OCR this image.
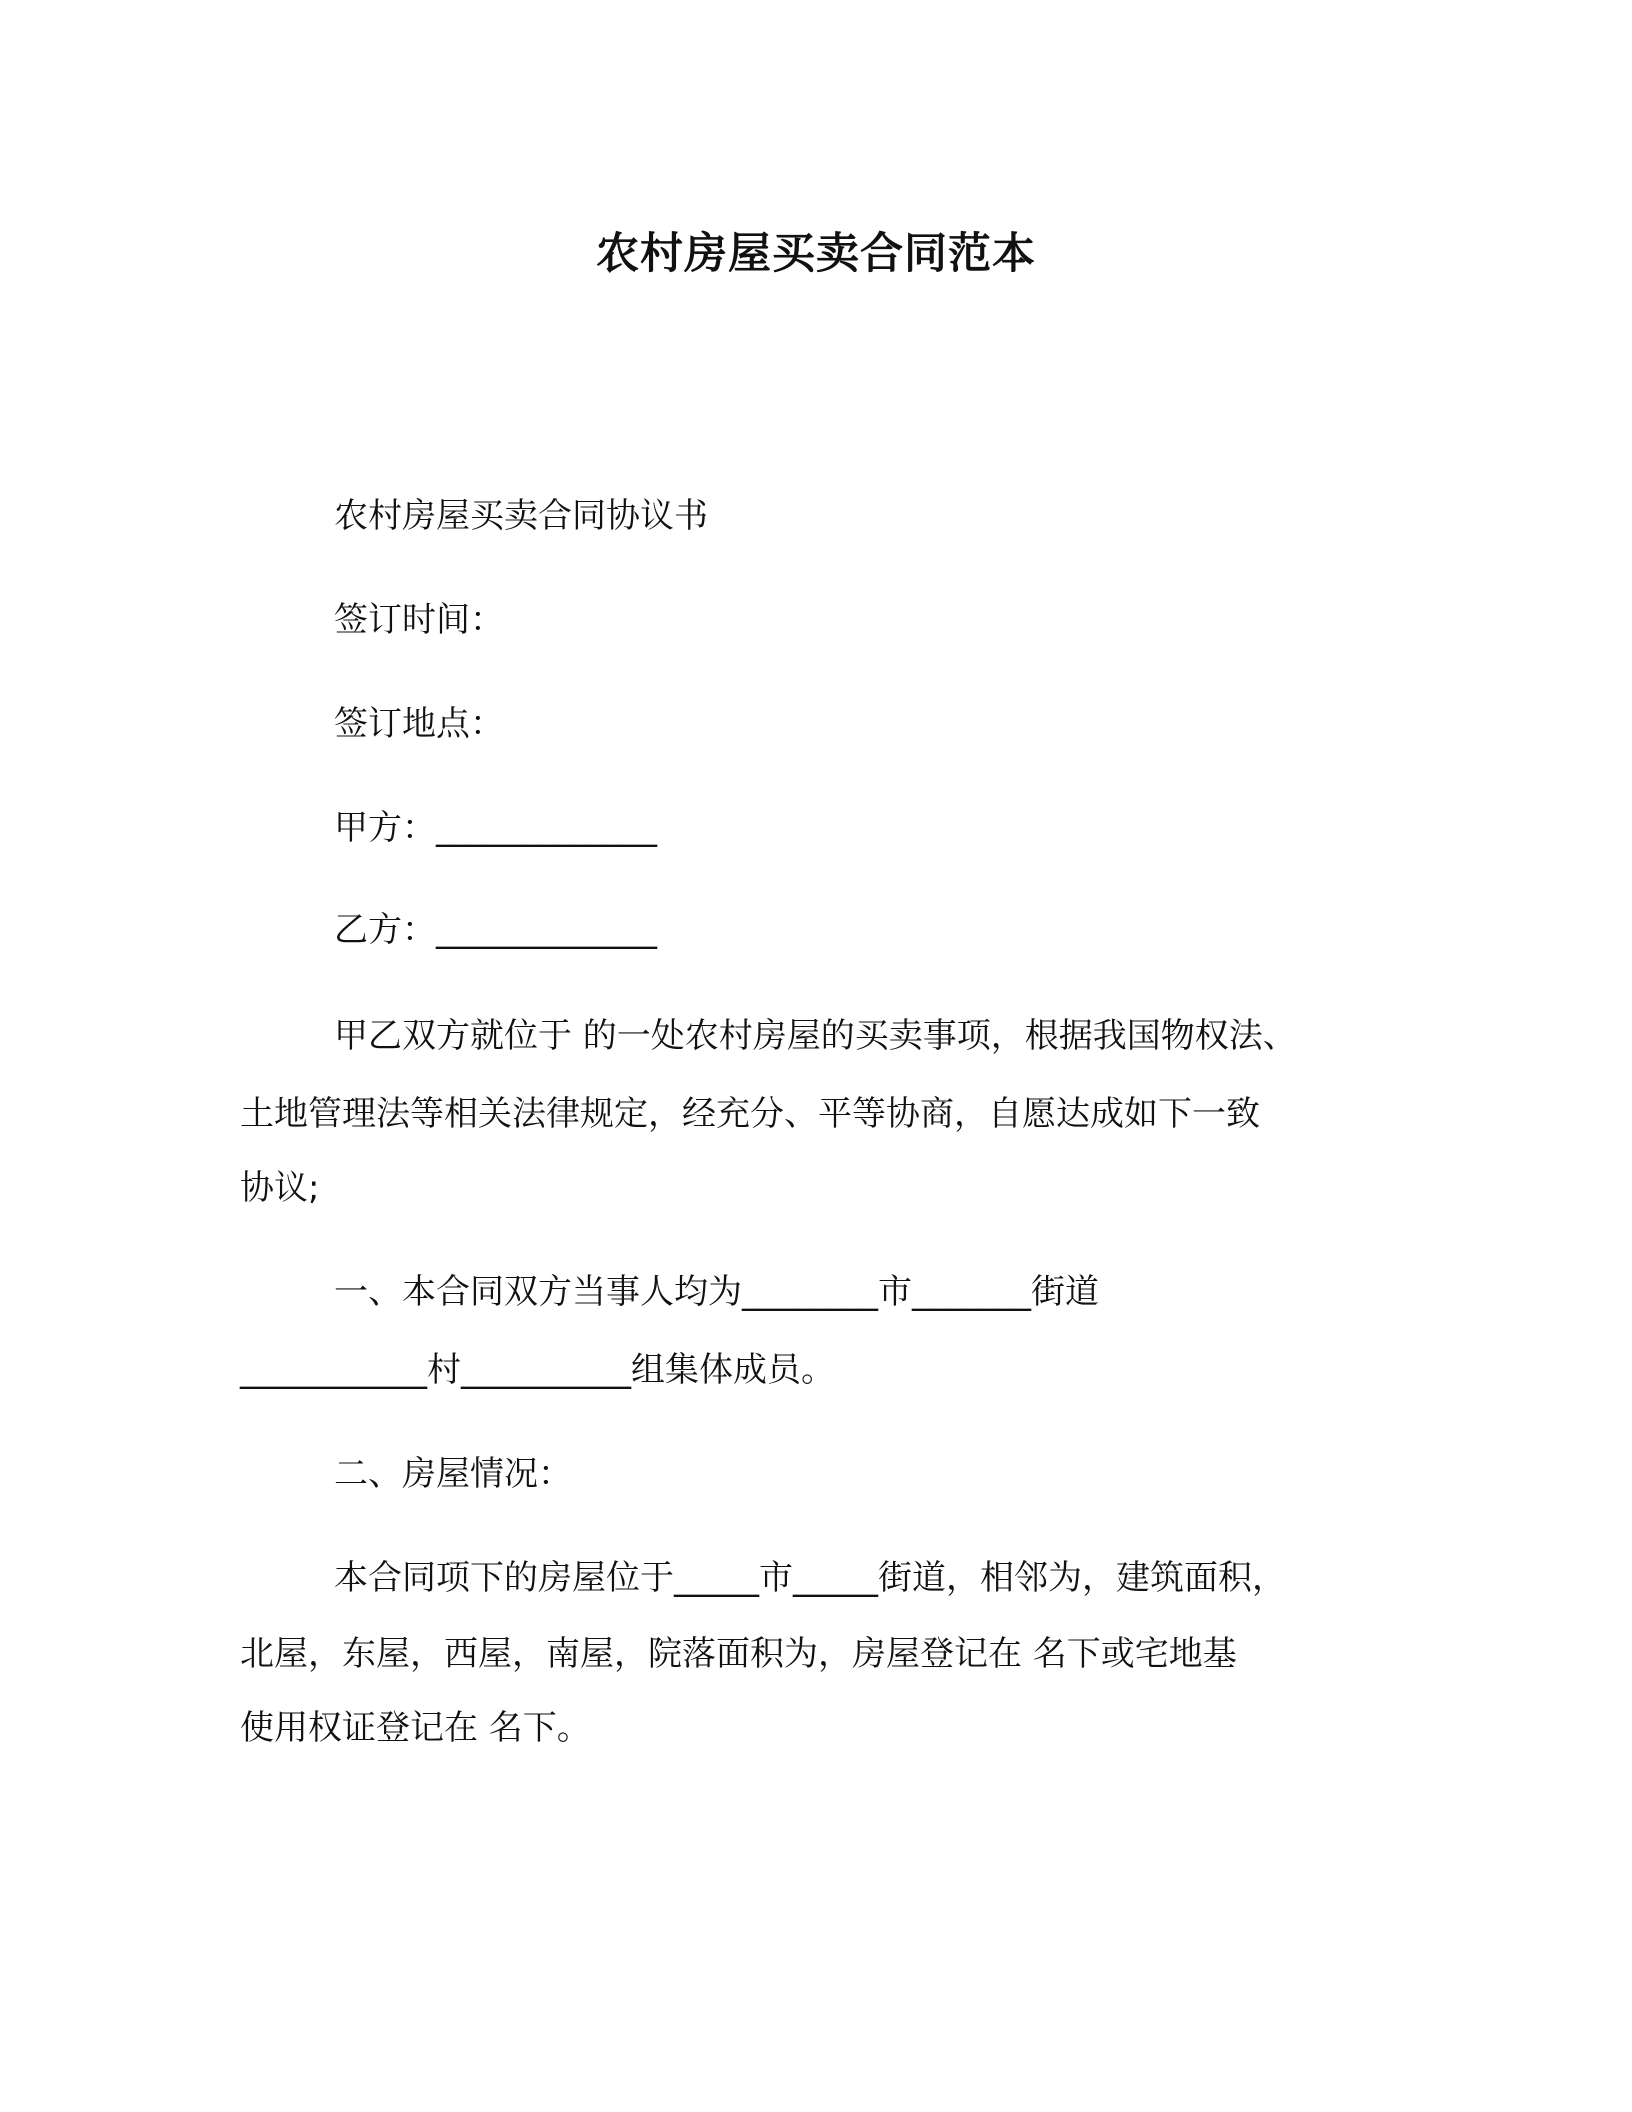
农村房屋买卖合同范本

农村房屋买卖合同协议书

签订时间：

签订地点：

甲方：_____________

乙方：_____________

甲乙双方就位于 的一处农村房屋的买卖事项，根据我国物权法、

土地管理法等相关法律规定，经充分、平等协商，自愿达成如下一致

协议;

一、本合同双方当事人均为________市_______街道

___________村__________组集体成员。

二、房屋情况：

本合同项下的房屋位于_____市_____街道，相邻为，建筑面积，

北屋，东屋，西屋，南屋，院落面积为，房屋登记在 名下或宅地基

使用权证登记在 名下。
